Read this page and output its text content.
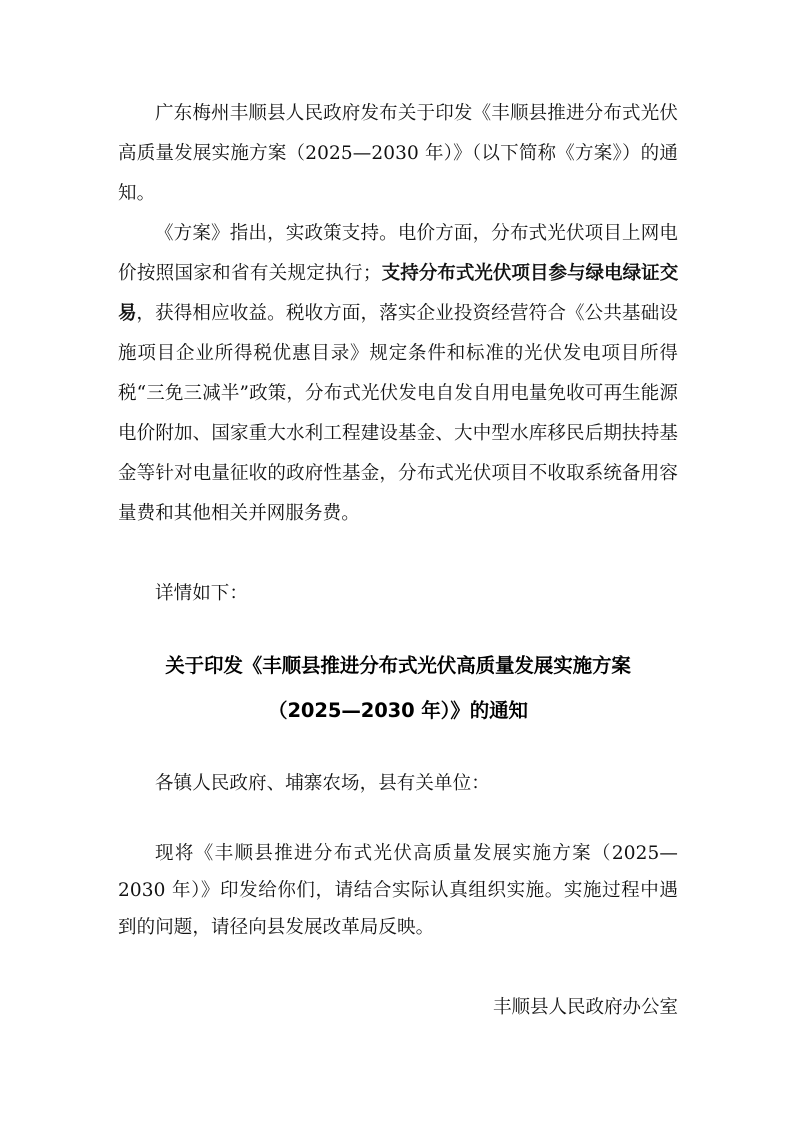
广东梅州丰顺县人民政府发布关于印发《丰顺县推进分布式光伏高质量发展实施方案（2025—2030 年）》（以下简称《方案》）的通知。

《方案》指出，实政策支持。电价方面，分布式光伏项目上网电价按照国家和省有关规定执行；支持分布式光伏项目参与绿电绿证交易，获得相应收益。税收方面，落实企业投资经营符合《公共基础设施项目企业所得税优惠目录》规定条件和标准的光伏发电项目所得税“三免三减半”政策，分布式光伏发电自发自用电量免收可再生能源电价附加、国家重大水利工程建设基金、大中型水库移民后期扶持基金等针对电量征收的政府性基金，分布式光伏项目不收取系统备用容量费和其他相关并网服务费。

详情如下：

关于印发《丰顺县推进分布式光伏高质量发展实施方案
（2025—2030 年）》的通知

各镇人民政府、埔寨农场，县有关单位：

现将《丰顺县推进分布式光伏高质量发展实施方案（2025—2030 年）》印发给你们，请结合实际认真组织实施。实施过程中遇到的问题，请径向县发展改革局反映。

丰顺县人民政府办公室
